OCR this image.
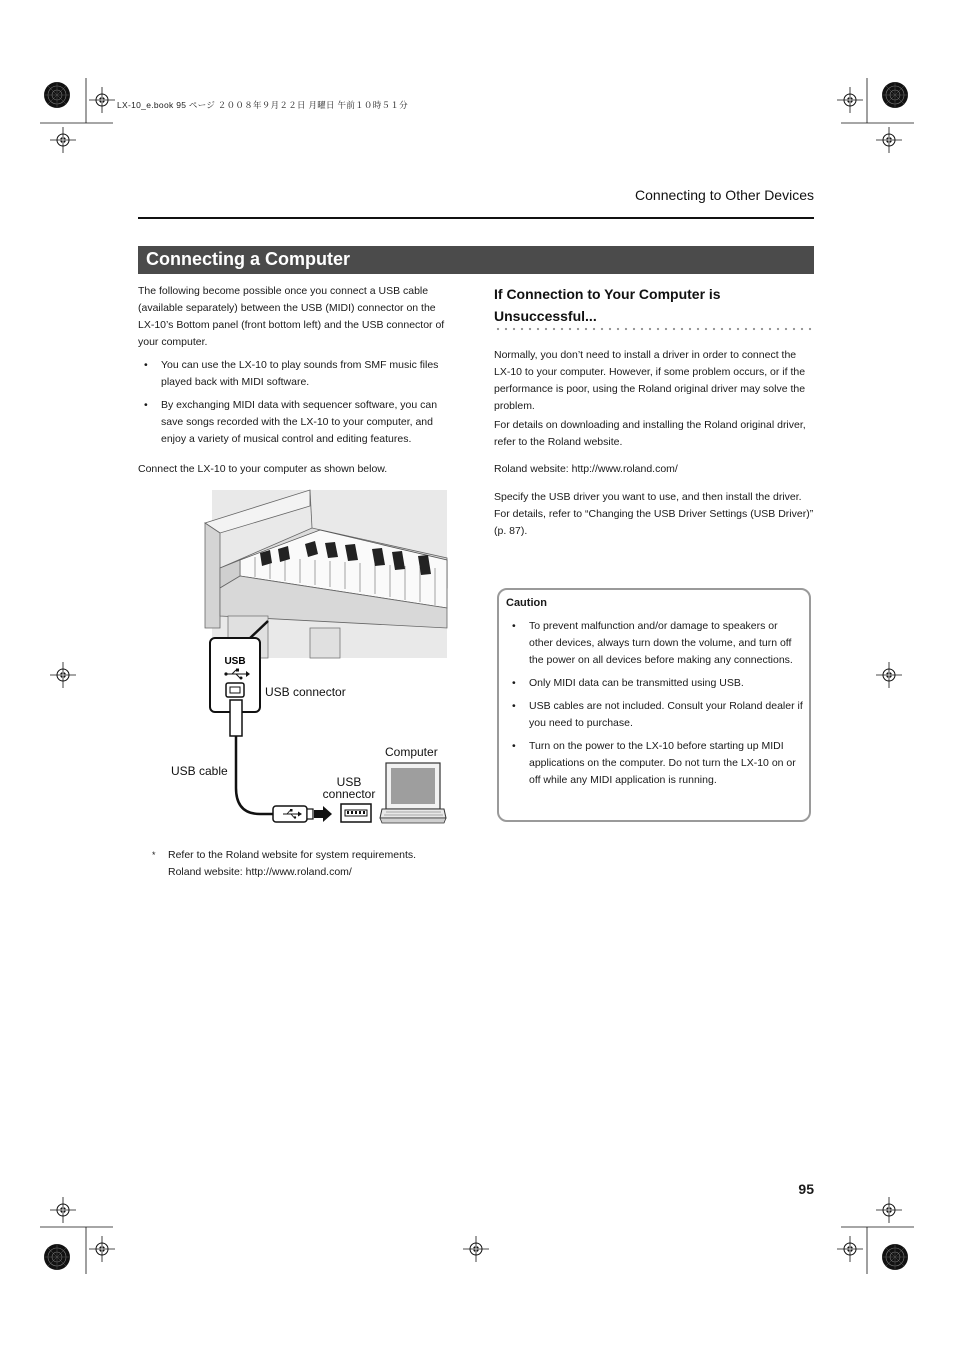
LX-10_e.book 95 ページ ２００８年９月２２日 月曜日 午前１０時５１分
Connecting to Other Devices
Connecting a Computer
The following become possible once you connect a USB cable (available separately) between the USB (MIDI) connector on the LX-10’s Bottom panel (front bottom left) and the USB connector of your computer.
• You can use the LX-10 to play sounds from SMF music files played back with MIDI software.
• By exchanging MIDI data with sequencer software, you can save songs recorded with the LX-10 to your computer, and enjoy a variety of musical control and editing features.
Connect the LX-10 to your computer as shown below.
USB
USB connector
USB cable
Computer
USB
connector
* Refer to the Roland website for system requirements.
Roland website: http://www.roland.com/
If Connection to Your Computer is
Unsuccessful...
Normally, you don’t need to install a driver in order to connect the LX-10 to your computer. However, if some problem occurs, or if the performance is poor, using the Roland original driver may solve the problem.
For details on downloading and installing the Roland original driver, refer to the Roland website.
Roland website: http://www.roland.com/
Specify the USB driver you want to use, and then install the driver. For details, refer to “Changing the USB Driver Settings (USB Driver)” (p. 87).
Caution
• To prevent malfunction and/or damage to speakers or other devices, always turn down the volume, and turn off the power on all devices before making any connections.
• Only MIDI data can be transmitted using USB.
• USB cables are not included. Consult your Roland dealer if you need to purchase.
• Turn on the power to the LX-10 before starting up MIDI applications on the computer. Do not turn the LX-10 on or off while any MIDI application is running.
95
